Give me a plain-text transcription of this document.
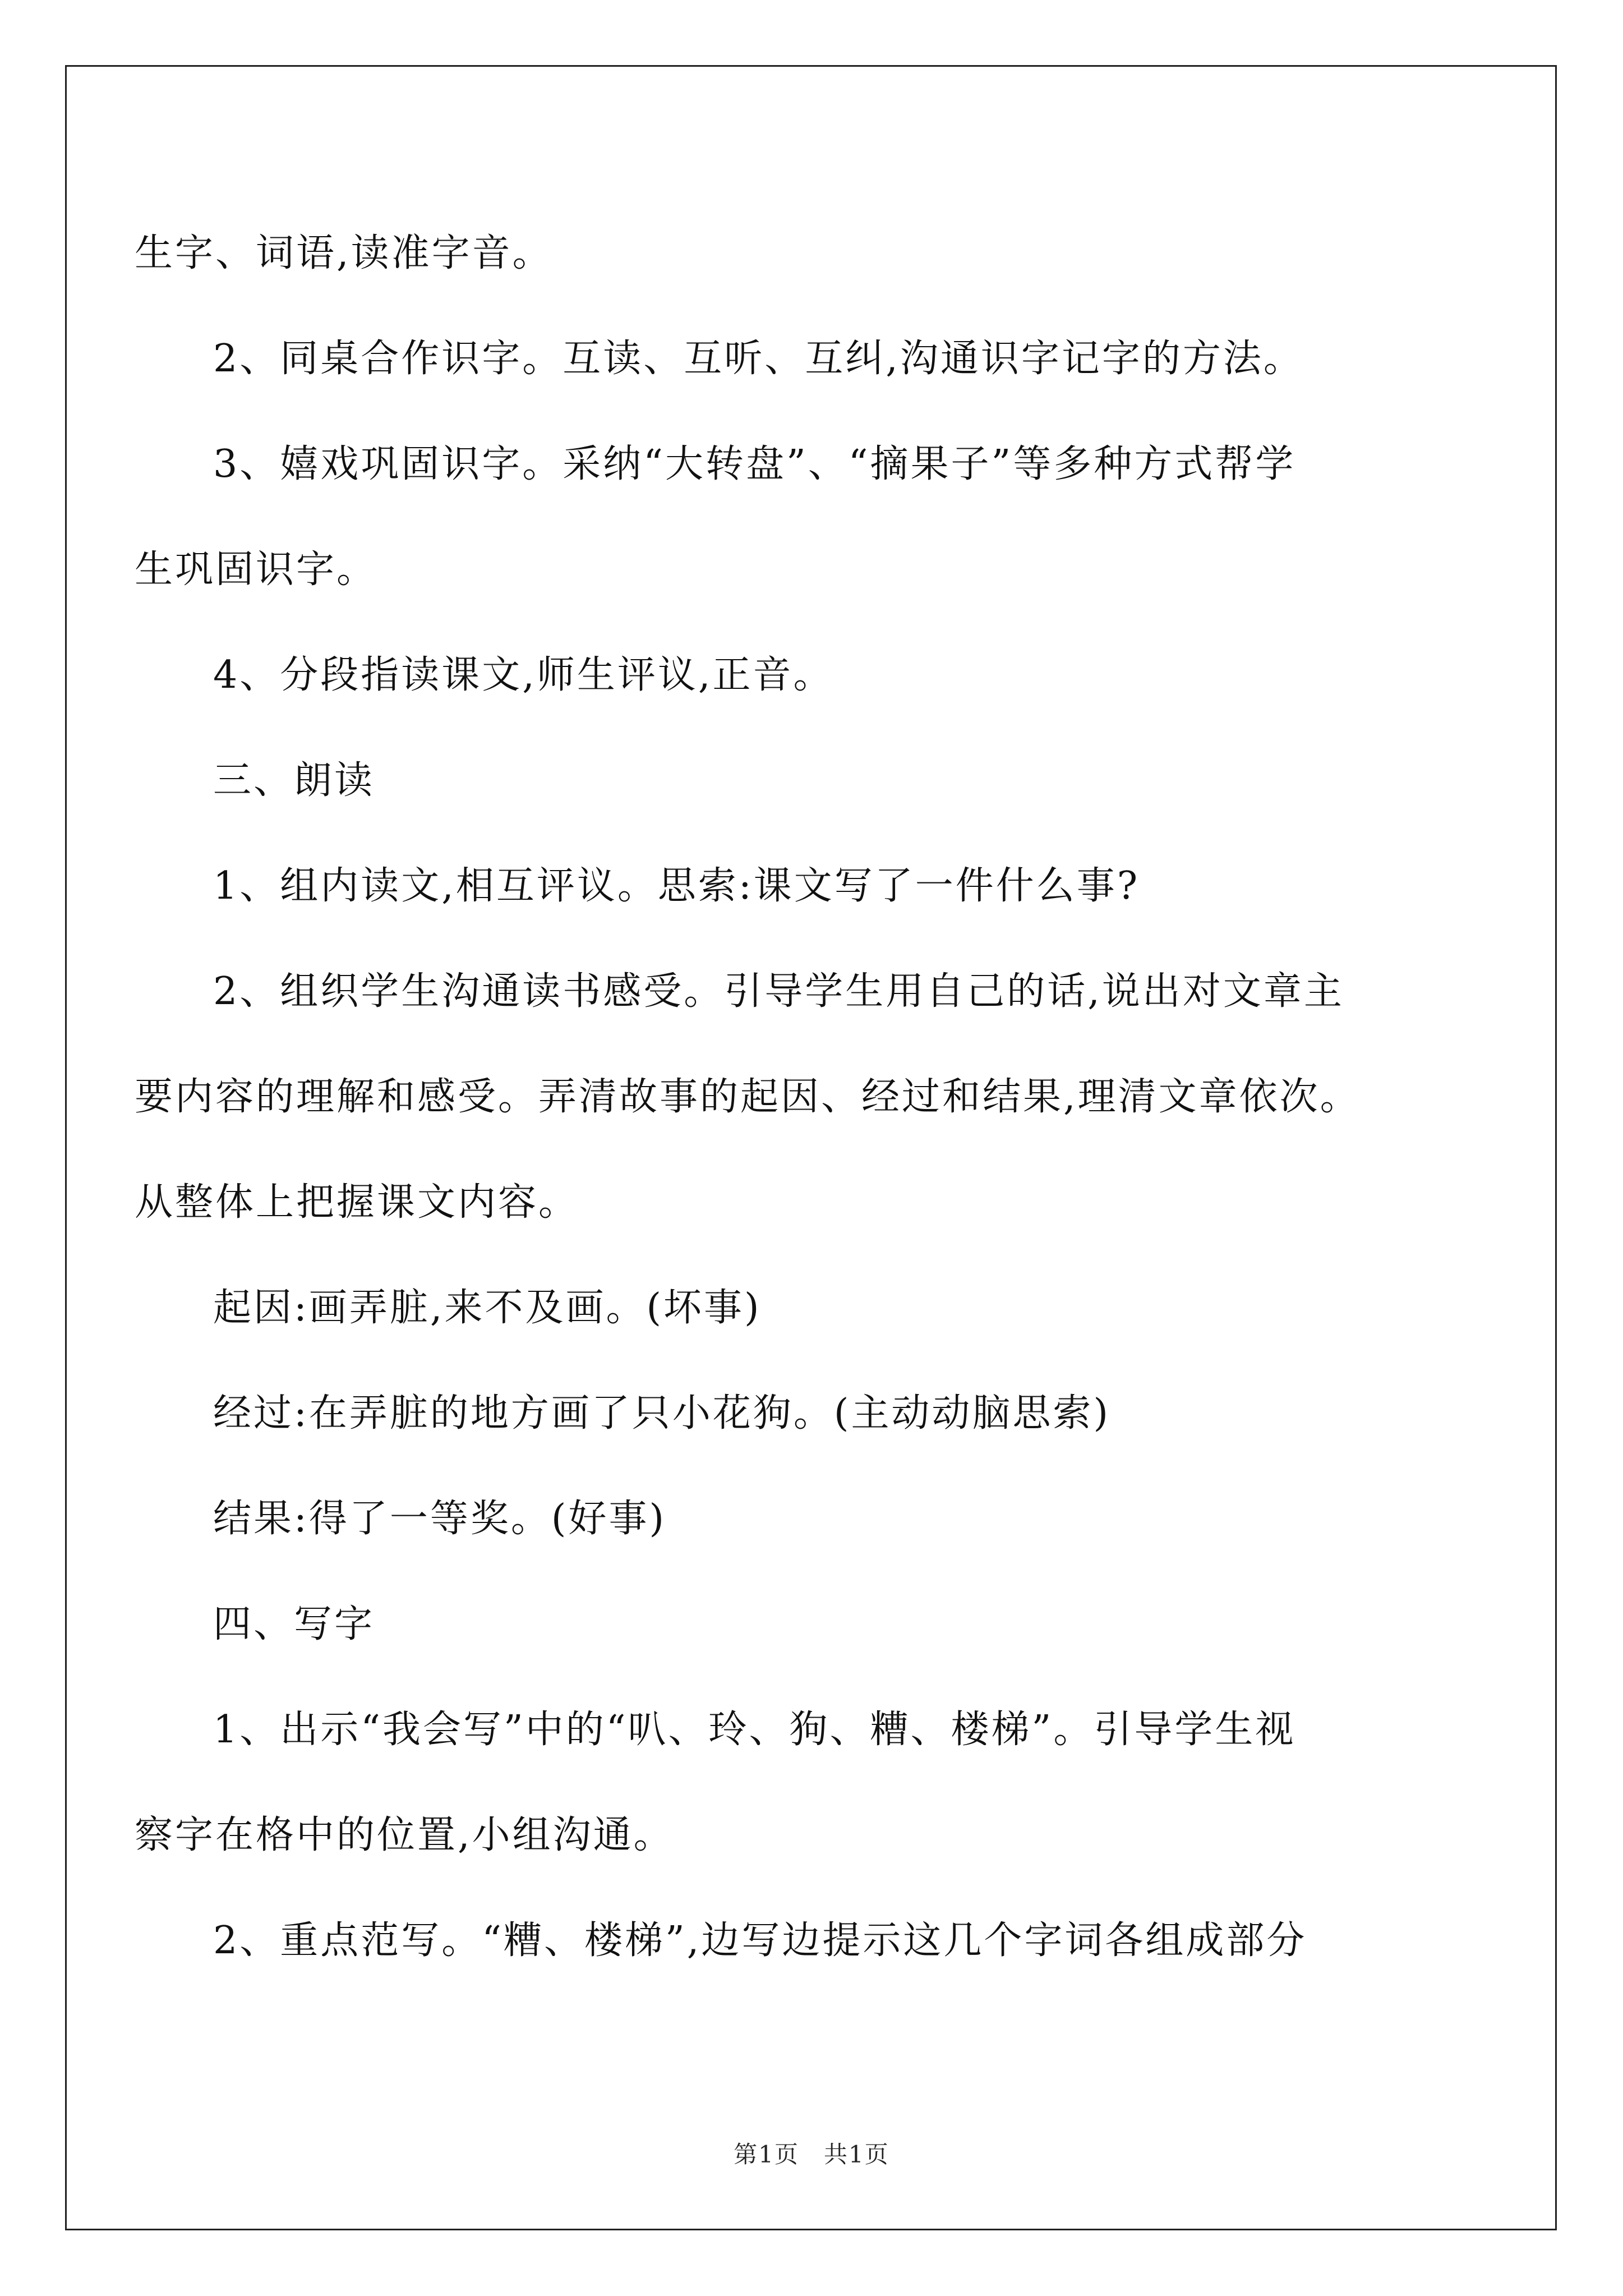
生字、词语,读准字音。
2、同桌合作识字。互读、互听、互纠,沟通识字记字的方法。
3、嬉戏巩固识字。采纳“大转盘”、“摘果子”等多种方式帮学
生巩固识字。
4、分段指读课文,师生评议,正音。
三、朗读
1、组内读文,相互评议。思索:课文写了一件什么事?
2、组织学生沟通读书感受。引导学生用自己的话,说出对文章主
要内容的理解和感受。弄清故事的起因、经过和结果,理清文章依次。
从整体上把握课文内容。
起因:画弄脏,来不及画。(坏事)
经过:在弄脏的地方画了只小花狗。(主动动脑思索)
结果:得了一等奖。(好事)
四、写字
1、出示“我会写”中的“叭、玲、狗、糟、楼梯”。引导学生视
察字在格中的位置,小组沟通。
2、重点范写。“糟、楼梯”,边写边提示这几个字词各组成部分
第1页　共1页
